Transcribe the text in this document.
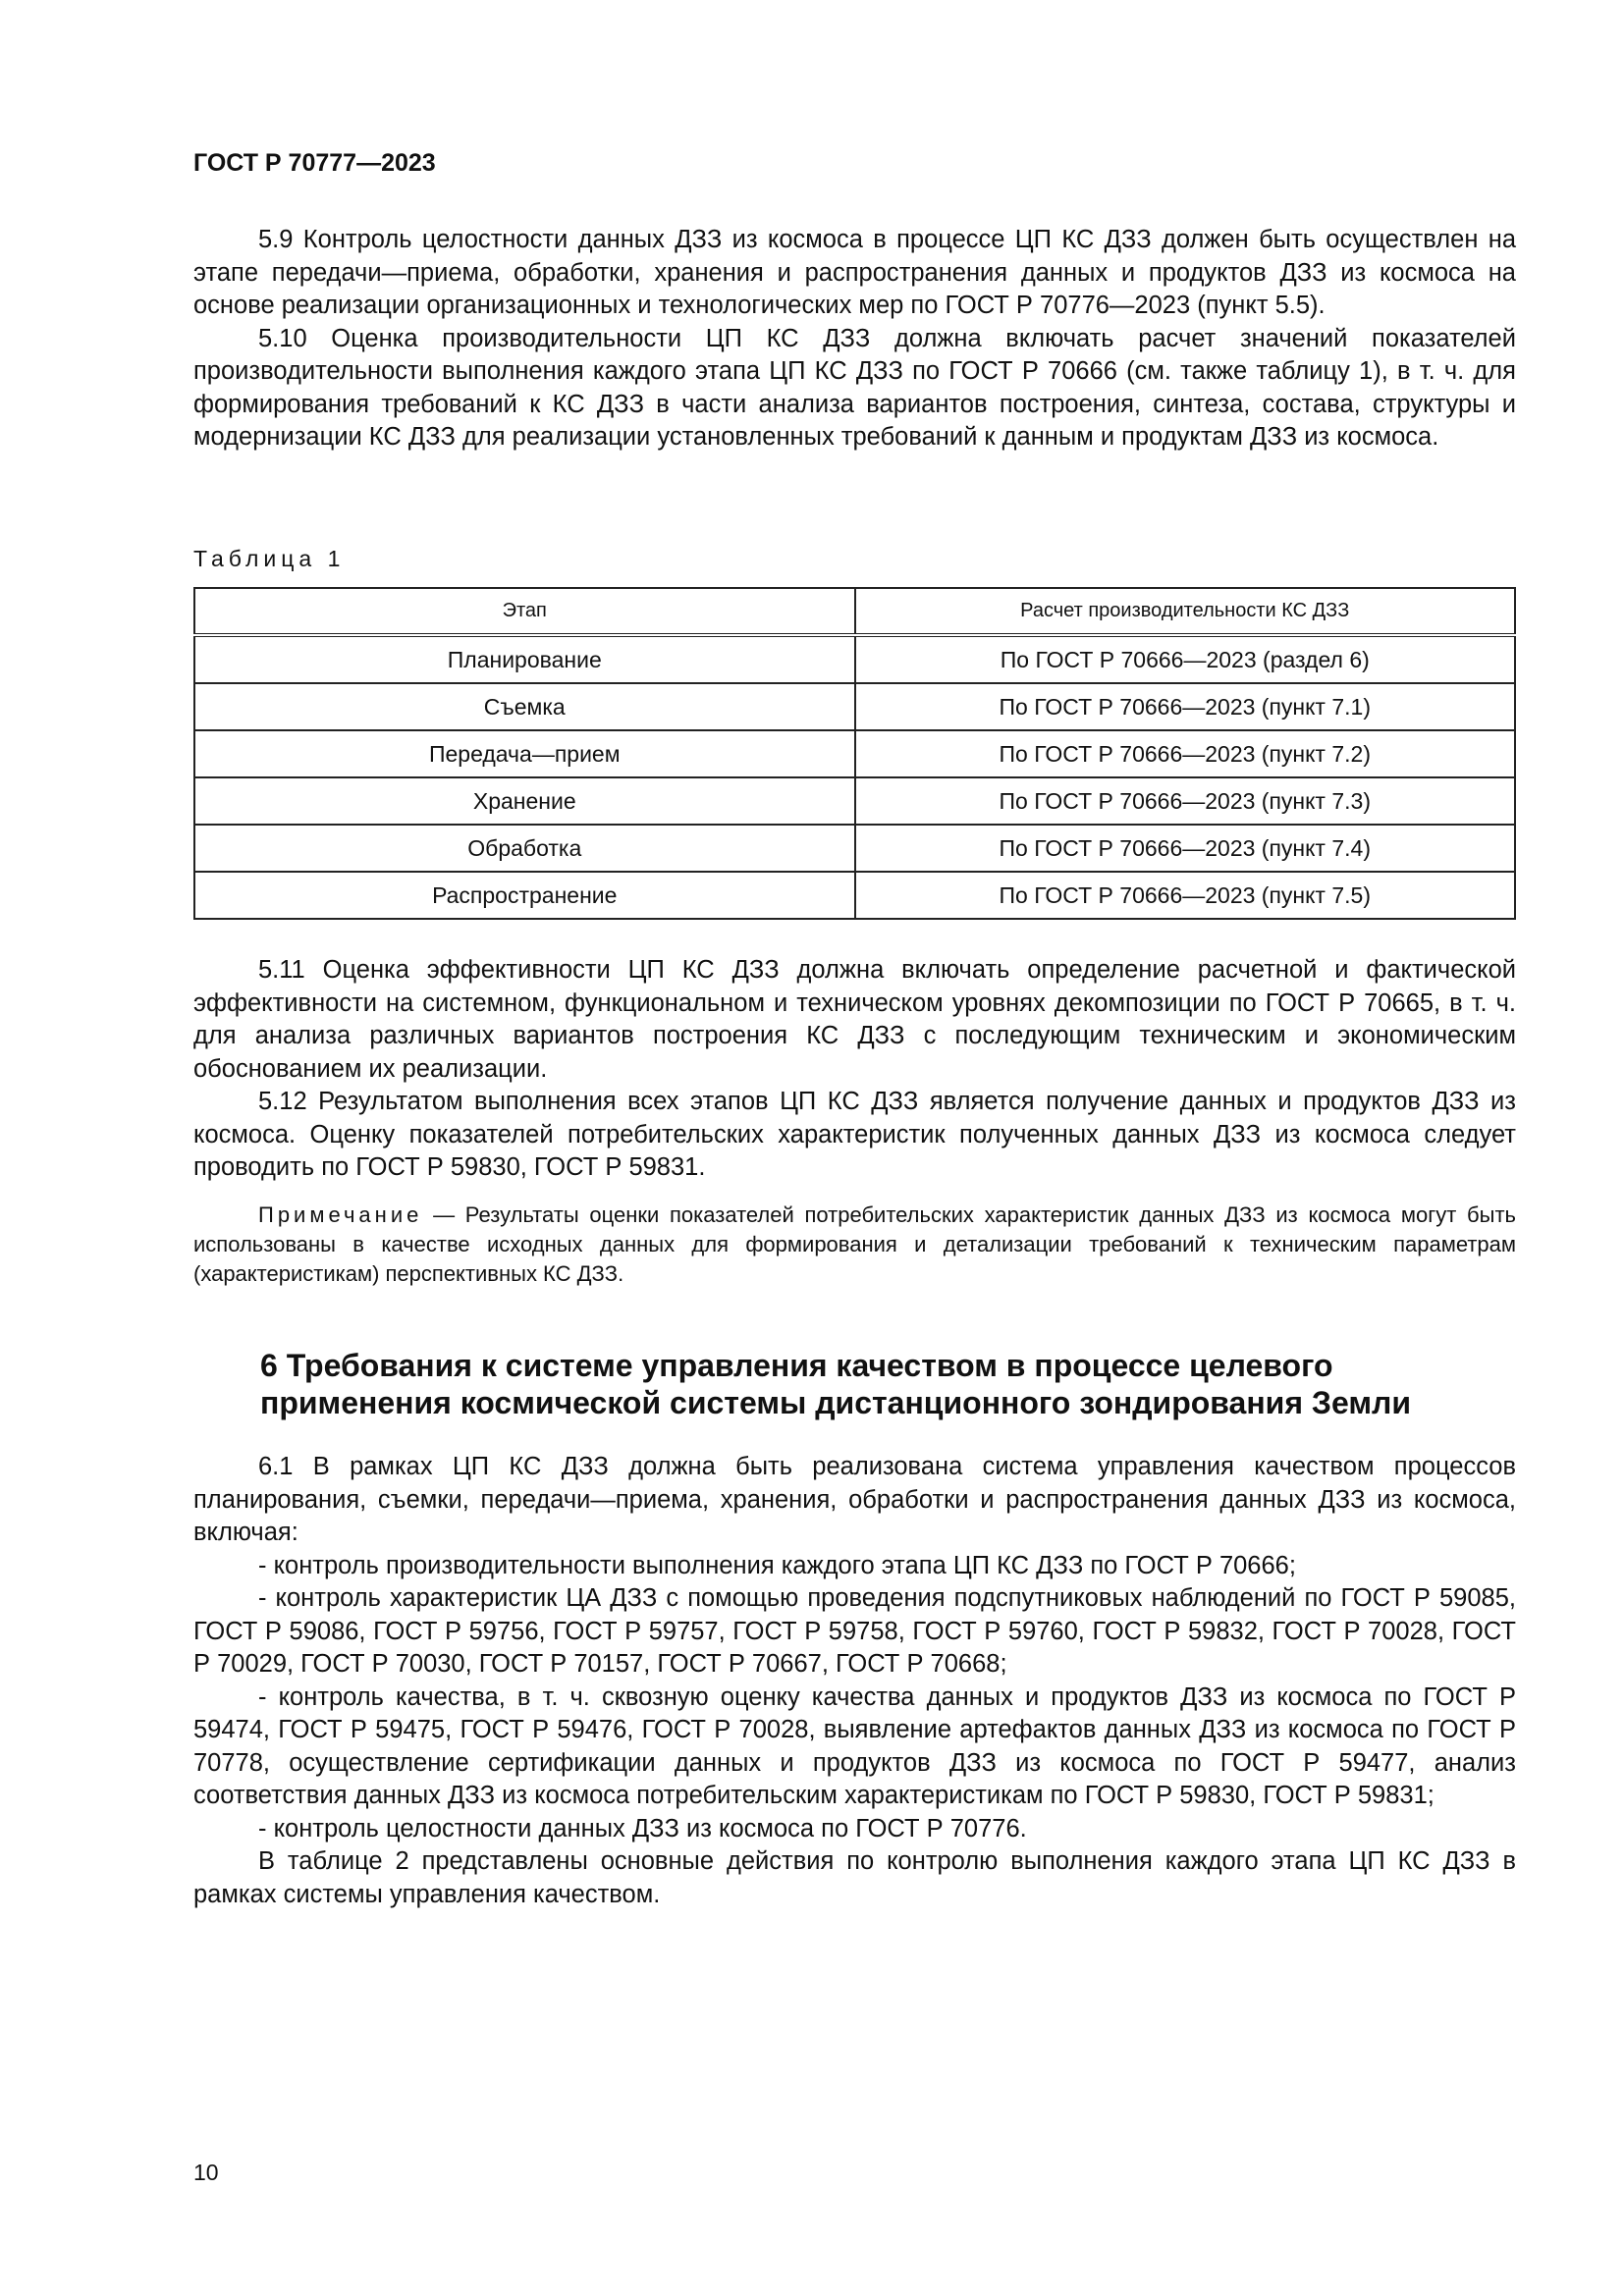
ГОСТ Р 70777—2023

5.9 Контроль целостности данных ДЗЗ из космоса в процессе ЦП КС ДЗЗ должен быть осуществлен на этапе передачи—приема, обработки, хранения и распространения данных и продуктов ДЗЗ из космоса на основе реализации организационных и технологических мер по ГОСТ Р 70776—2023 (пункт 5.5).

5.10 Оценка производительности ЦП КС ДЗЗ должна включать расчет значений показателей производительности выполнения каждого этапа ЦП КС ДЗЗ по ГОСТ Р 70666 (см. также таблицу 1), в т. ч. для формирования требований к КС ДЗЗ в части анализа вариантов построения, синтеза, состава, структуры и модернизации КС ДЗЗ для реализации установленных требований к данным и продуктам ДЗЗ из космоса.

Таблица 1
Этап	Расчет производительности КС ДЗЗ
Планирование	По ГОСТ Р 70666—2023 (раздел 6)
Съемка	По ГОСТ Р 70666—2023 (пункт 7.1)
Передача—прием	По ГОСТ Р 70666—2023 (пункт 7.2)
Хранение	По ГОСТ Р 70666—2023 (пункт 7.3)
Обработка	По ГОСТ Р 70666—2023 (пункт 7.4)
Распространение	По ГОСТ Р 70666—2023 (пункт 7.5)

5.11 Оценка эффективности ЦП КС ДЗЗ должна включать определение расчетной и фактической эффективности на системном, функциональном и техническом уровнях декомпозиции по ГОСТ Р 70665, в т. ч. для анализа различных вариантов построения КС ДЗЗ с последующим техническим и экономическим обоснованием их реализации.

5.12 Результатом выполнения всех этапов ЦП КС ДЗЗ является получение данных и продуктов ДЗЗ из космоса. Оценку показателей потребительских характеристик полученных данных ДЗЗ из космоса следует проводить по ГОСТ Р 59830, ГОСТ Р 59831.

Примечание — Результаты оценки показателей потребительских характеристик данных ДЗЗ из космоса могут быть использованы в качестве исходных данных для формирования и детализации требований к техническим параметрам (характеристикам) перспективных КС ДЗЗ.

6 Требования к системе управления качеством в процессе целевого применения космической системы дистанционного зондирования Земли

6.1 В рамках ЦП КС ДЗЗ должна быть реализована система управления качеством процессов планирования, съемки, передачи—приема, хранения, обработки и распространения данных ДЗЗ из космоса, включая:

- контроль производительности выполнения каждого этапа ЦП КС ДЗЗ по ГОСТ Р 70666;

- контроль характеристик ЦА ДЗЗ с помощью проведения подспутниковых наблюдений по ГОСТ Р 59085, ГОСТ Р 59086, ГОСТ Р 59756, ГОСТ Р 59757, ГОСТ Р 59758, ГОСТ Р 59760, ГОСТ Р 59832, ГОСТ Р 70028, ГОСТ Р 70029, ГОСТ Р 70030, ГОСТ Р 70157, ГОСТ Р 70667, ГОСТ Р 70668;

- контроль качества, в т. ч. сквозную оценку качества данных и продуктов ДЗЗ из космоса по ГОСТ Р 59474, ГОСТ Р 59475, ГОСТ Р 59476, ГОСТ Р 70028, выявление артефактов данных ДЗЗ из космоса по ГОСТ Р 70778, осуществление сертификации данных и продуктов ДЗЗ из космоса по ГОСТ Р 59477, анализ соответствия данных ДЗЗ из космоса потребительским характеристикам по ГОСТ Р 59830, ГОСТ Р 59831;

- контроль целостности данных ДЗЗ из космоса по ГОСТ Р 70776.

В таблице 2 представлены основные действия по контролю выполнения каждого этапа ЦП КС ДЗЗ в рамках системы управления качеством.

10
